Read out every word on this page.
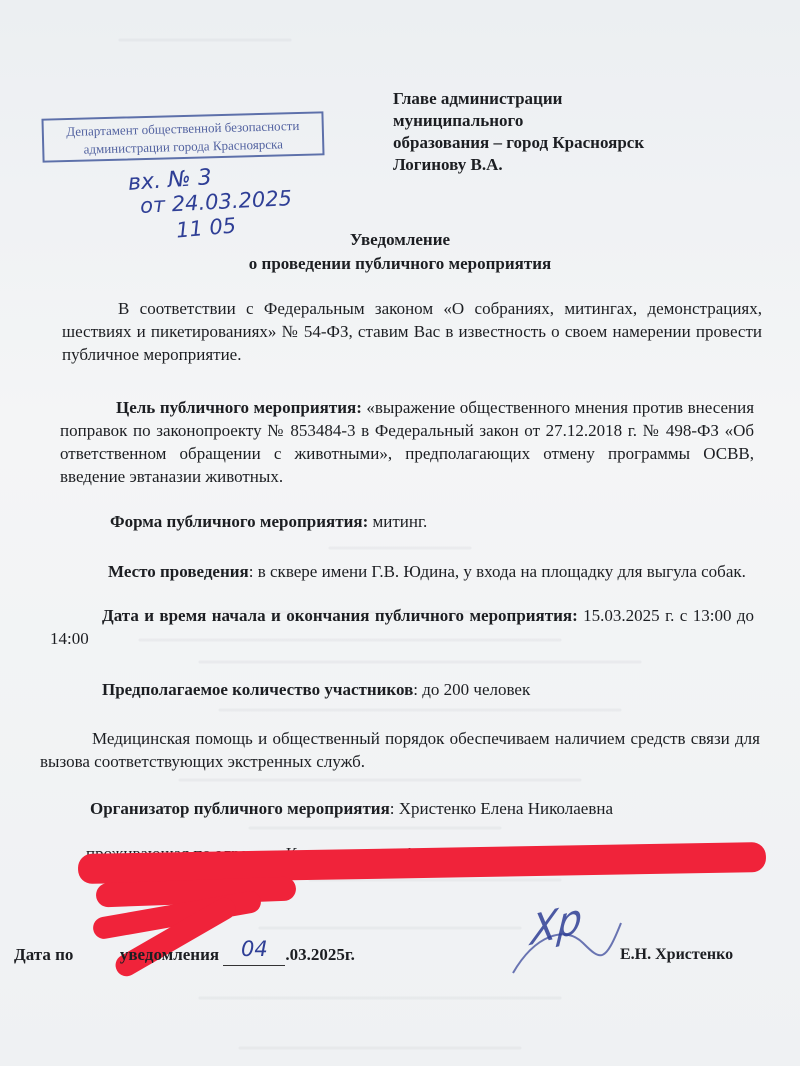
Департамент общественной безопасности
администрации города Красноярска
Главе администрации
муниципального
образования – город Красноярск
Логинову В.А.
вх. № 3
от 24.03.2025
11 05	Уведомление
о проведении публичного мероприятия
В соответствии с Федеральным законом «О собраниях, митингах, демонстрациях, шествиях и пикетированиях» № 54-ФЗ, ставим Вас в известность о своем намерении провести публичное мероприятие.
Цель публичного мероприятия: «выражение общественного мнения против внесения поправок по законопроекту № 853484-3 в Федеральный закон от 27.12.2018 г. № 498-ФЗ «Об ответственном обращении с животными», предполагающих отмену программы ОСВВ, введение эвтаназии животных.
Форма публичного мероприятия: митинг.
Место проведения: в сквере имени Г.В. Юдина, у входа на площадку для выгула собак.
Дата и время начала и окончания публичного мероприятия: 15.03.2025 г. с 13:00 до 14:00
Предполагаемое количество участников: до 200 человек
Медицинская помощь и общественный порядок обеспечиваем наличием средств связи для вызова соответствующих экстренных служб.
Организатор публичного мероприятия: Христенко Елена Николаевна
Дата по	уведомления 04 .03.2025г.	Хр Е.Н. Христенко
